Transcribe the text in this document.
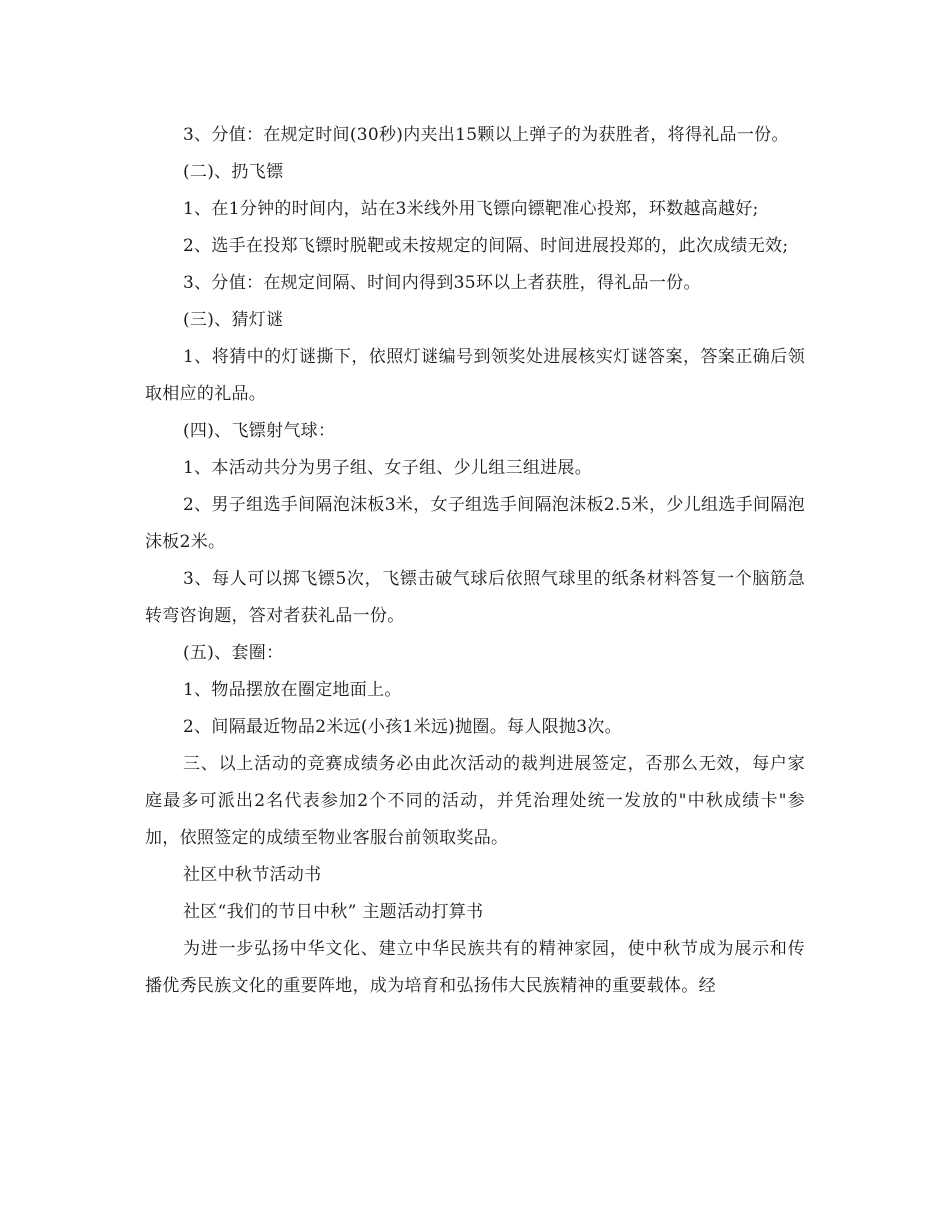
3、分值：在规定时间(30秒)内夹出15颗以上弹子的为获胜者，将得礼品一份。

(二)、扔飞镖

1、在1分钟的时间内，站在3米线外用飞镖向镖靶准心投郑，环数越高越好;

2、选手在投郑飞镖时脱靶或未按规定的间隔、时间进展投郑的，此次成绩无效;

3、分值：在规定间隔、时间内得到35环以上者获胜，得礼品一份。

(三)、猜灯谜

1、将猜中的灯谜撕下，依照灯谜编号到领奖处进展核实灯谜答案，答案正确后领取相应的礼品。

(四)、飞镖射气球：

1、本活动共分为男子组、女子组、少儿组三组进展。

2、男子组选手间隔泡沫板3米，女子组选手间隔泡沫板2.5米，少儿组选手间隔泡沫板2米。

3、每人可以掷飞镖5次，飞镖击破气球后依照气球里的纸条材料答复一个脑筋急转弯咨询题，答对者获礼品一份。

(五)、套圈：

1、物品摆放在圈定地面上。

2、间隔最近物品2米远(小孩1米远)抛圈。每人限抛3次。

三、以上活动的竞赛成绩务必由此次活动的裁判进展签定，否那么无效，每户家庭最多可派出2名代表参加2个不同的活动，并凭治理处统一发放的"中秋成绩卡"参加，依照签定的成绩至物业客服台前领取奖品。

社区中秋节活动书

社区“我们的节日中秋” 主题活动打算书

为进一步弘扬中华文化、建立中华民族共有的精神家园，使中秋节成为展示和传播优秀民族文化的重要阵地，成为培育和弘扬伟大民族精神的重要载体。经
